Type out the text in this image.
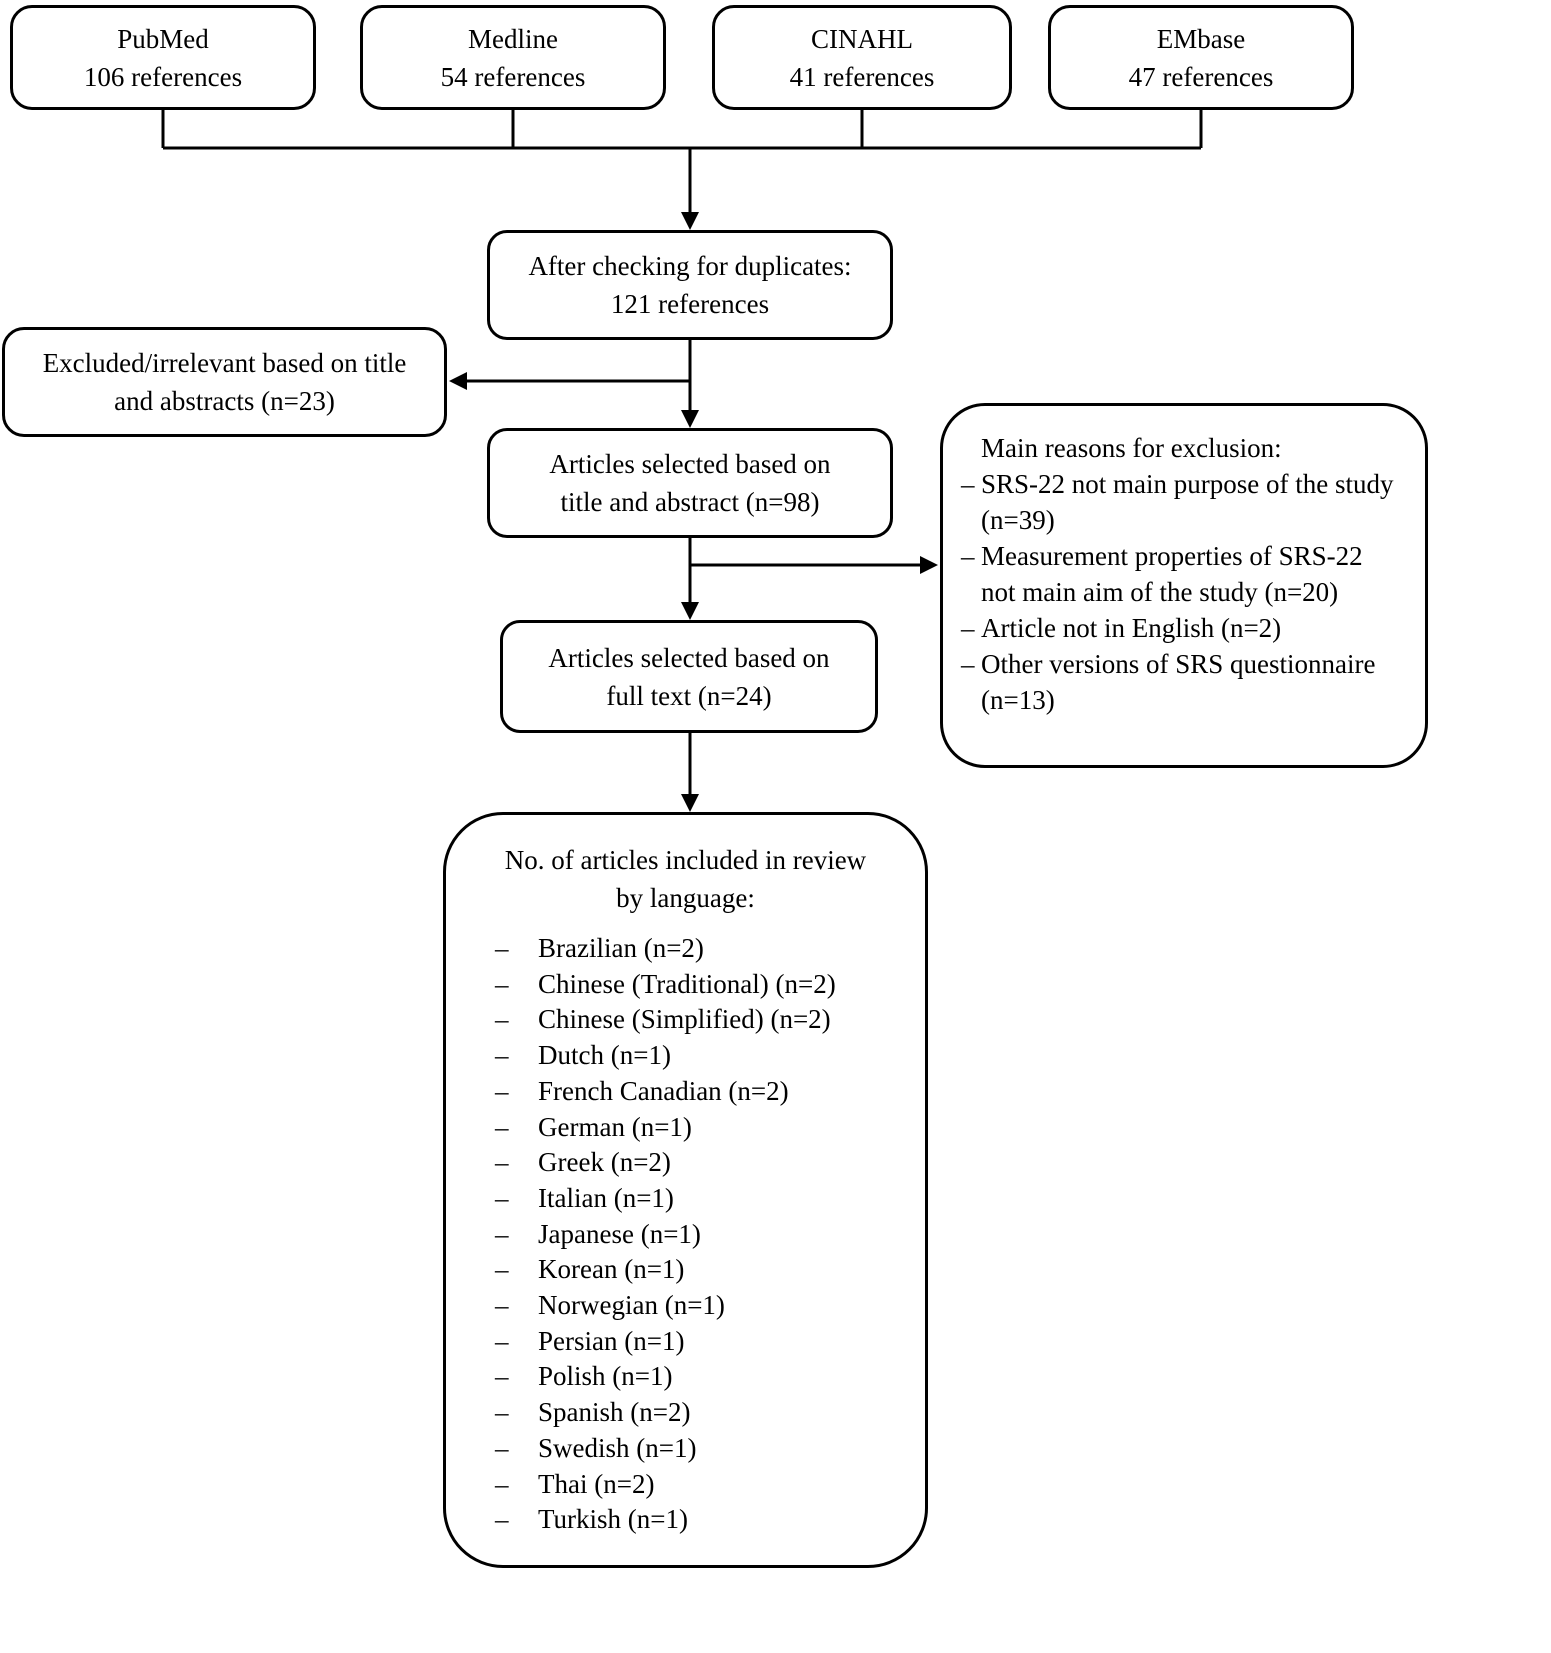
PubMed
106 references
Medline
54 references
CINAHL
41 references
EMbase
47 references
After checking for duplicates:
121 references
Excluded/irrelevant based on title
and abstracts (n=23)
Articles selected based on
title and abstract (n=98)
Main reasons for exclusion:
– SRS-22 not main purpose of the study (n=39)
– Measurement properties of SRS-22 not main aim of the study (n=20)
– Article not in English (n=2)
– Other versions of SRS questionnaire (n=13)
Articles selected based on
full text (n=24)
No. of articles included in review
by language:
–	Brazilian (n=2)
–	Chinese (Traditional) (n=2)
–	Chinese (Simplified) (n=2)
–	Dutch (n=1)
–	French Canadian (n=2)
–	German (n=1)
–	Greek (n=2)
–	Italian (n=1)
–	Japanese (n=1)
–	Korean (n=1)
–	Norwegian (n=1)
–	Persian (n=1)
–	Polish (n=1)
–	Spanish (n=2)
–	Swedish (n=1)
–	Thai (n=2)
–	Turkish (n=1)
